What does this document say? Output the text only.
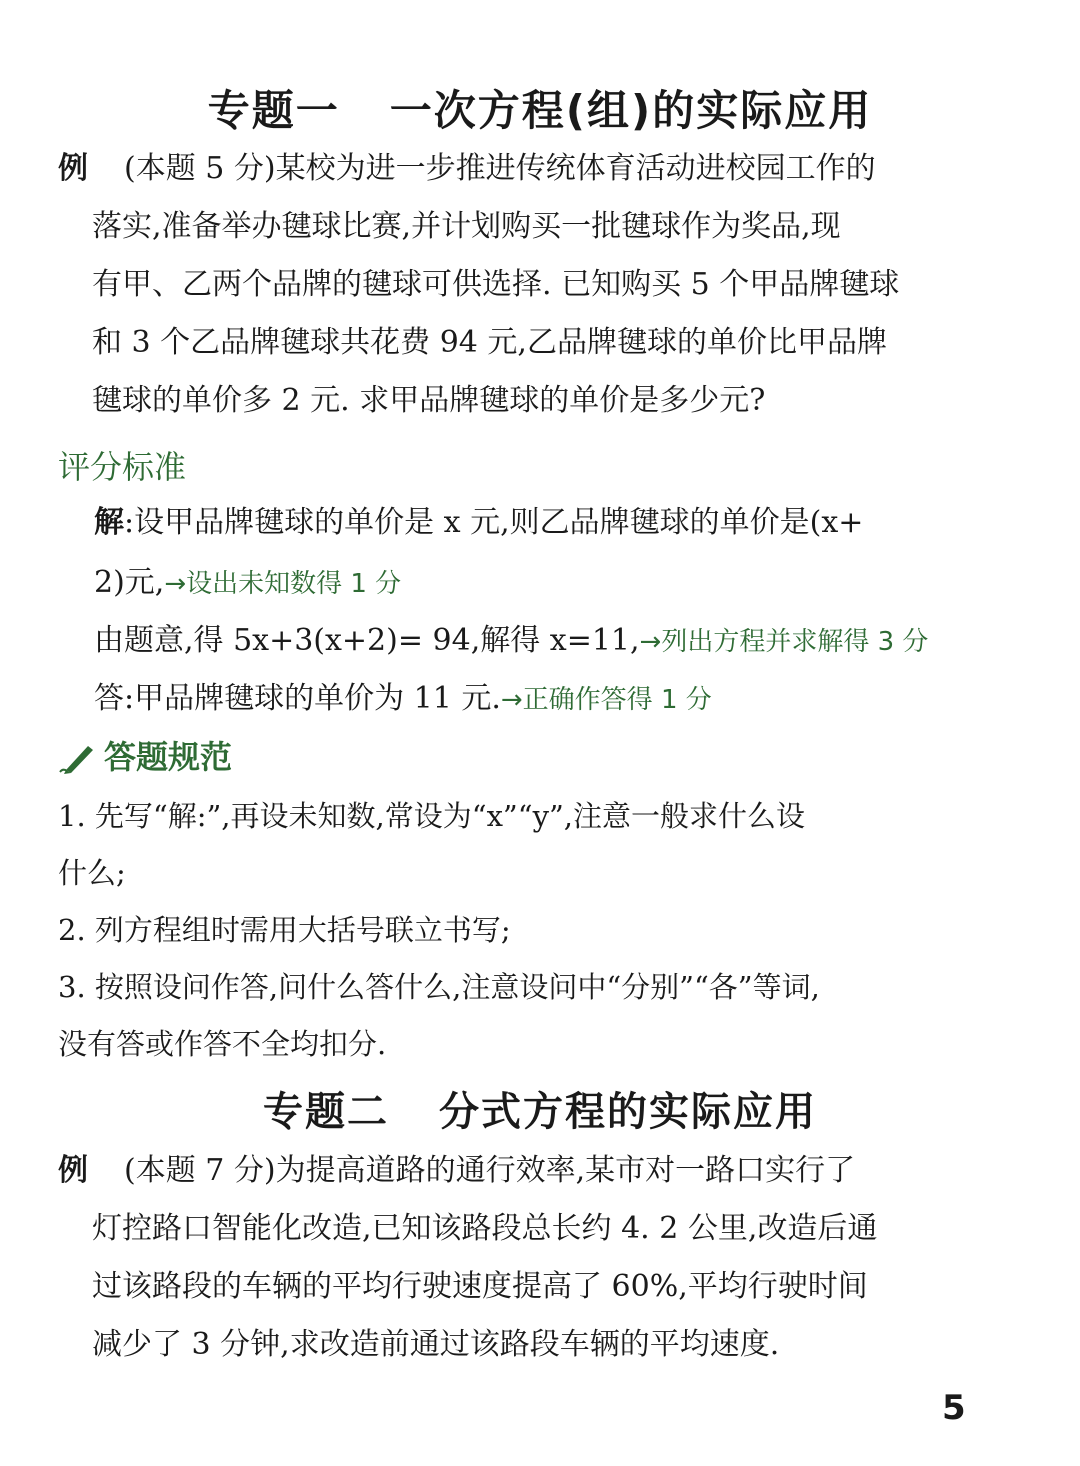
专题一 一次方程(组)的实际应用
例 (本题 5 分)某校为进一步推进传统体育活动进校园工作的
落实,准备举办毽球比赛,并计划购买一批毽球作为奖品,现
有甲、乙两个品牌的毽球可供选择. 已知购买 5 个甲品牌毽球
和 3 个乙品牌毽球共花费 94 元,乙品牌毽球的单价比甲品牌
毽球的单价多 2 元. 求甲品牌毽球的单价是多少元?
评分标准
解:设甲品牌毽球的单价是 x 元,则乙品牌毽球的单价是(x+
2)元,→设出未知数得 1 分
由题意,得 5x+3(x+2)= 94,解得 x=11,→列出方程并求解得 3 分
答:甲品牌毽球的单价为 11 元.→正确作答得 1 分
答题规范

1. 先写“解:”,再设未知数,常设为“x”“y”,注意一般求什么设

什么;

2. 列方程组时需用大括号联立书写;

3. 按照设问作答,问什么答什么,注意设问中“分别”“各”等词,

没有答或作答不全均扣分.

专题二 分式方程的实际应用
例 (本题 7 分)为提高道路的通行效率,某市对一路口实行了
灯控路口智能化改造,已知该路段总长约 4. 2 公里,改造后通
过该路段的车辆的平均行驶速度提高了 60%,平均行驶时间
减少了 3 分钟,求改造前通过该路段车辆的平均速度.
5
